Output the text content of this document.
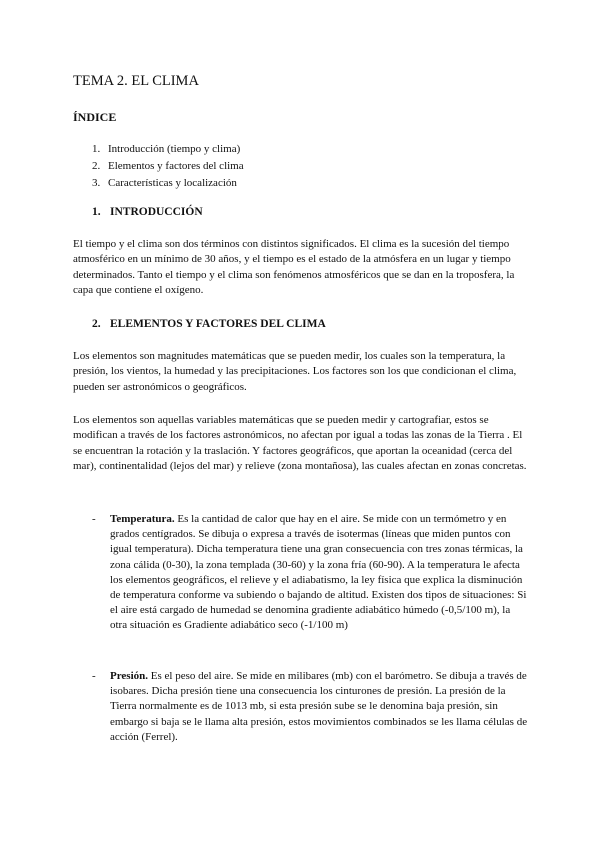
TEMA 2. EL CLIMA
ÍNDICE
1. Introducción (tiempo y clima)
2. Elementos y factores del clima
3. Características y localización
1. INTRODUCCIÓN

El tiempo y el clima son dos términos con distintos significados. El clima es la sucesión del tiempo atmosférico en un mínimo de 30 años, y el tiempo es el estado de la atmósfera en un lugar y tiempo determinados. Tanto el tiempo y el clima son fenómenos atmosféricos que se dan en la troposfera, la capa que contiene el oxígeno.

2. ELEMENTOS Y FACTORES DEL CLIMA

Los elementos son magnitudes matemáticas que se pueden medir, los cuales son la temperatura, la presión, los vientos, la humedad y las precipitaciones. Los factores son los que condicionan el clima, pueden ser astronómicos o geográficos.

Los elementos son aquellas variables matemáticas que se pueden medir y cartografiar, estos se modifican a través de los factores astronómicos, no afectan por igual a todas las zonas de la Tierra . El se encuentran la rotación y la traslación. Y factores geográficos, que aportan la oceanidad (cerca del mar), continentalidad (lejos del mar) y relieve (zona montañosa), las cuales afectan en zonas concretas.

-	Temperatura. Es la cantidad de calor que hay en el aire. Se mide con un termómetro y en grados centígrados. Se dibuja o expresa a través de isotermas (líneas que miden puntos con igual temperatura). Dicha temperatura tiene una gran consecuencia con tres zonas térmicas, la zona cálida (0-30), la zona templada (30-60) y la zona fría (60-90). A la temperatura le afecta los elementos geográficos, el relieve y el adiabatismo, la ley física que explica la disminución de temperatura conforme va subiendo o bajando de altitud. Existen dos tipos de situaciones: Si el aire está cargado de humedad se denomina gradiente adiabático húmedo (-0,5/100 m), la otra situación es Gradiente adiabático seco (-1/100 m)
-	Presión. Es el peso del aire. Se mide en milibares (mb) con el barómetro. Se dibuja a través de isobares. Dicha presión tiene una consecuencia los cinturones de presión. La presión de la Tierra normalmente es de 1013 mb, si esta presión sube se le denomina baja presión, sin embargo si baja se le llama alta presión, estos movimientos combinados se les llama células de acción (Ferrel).
